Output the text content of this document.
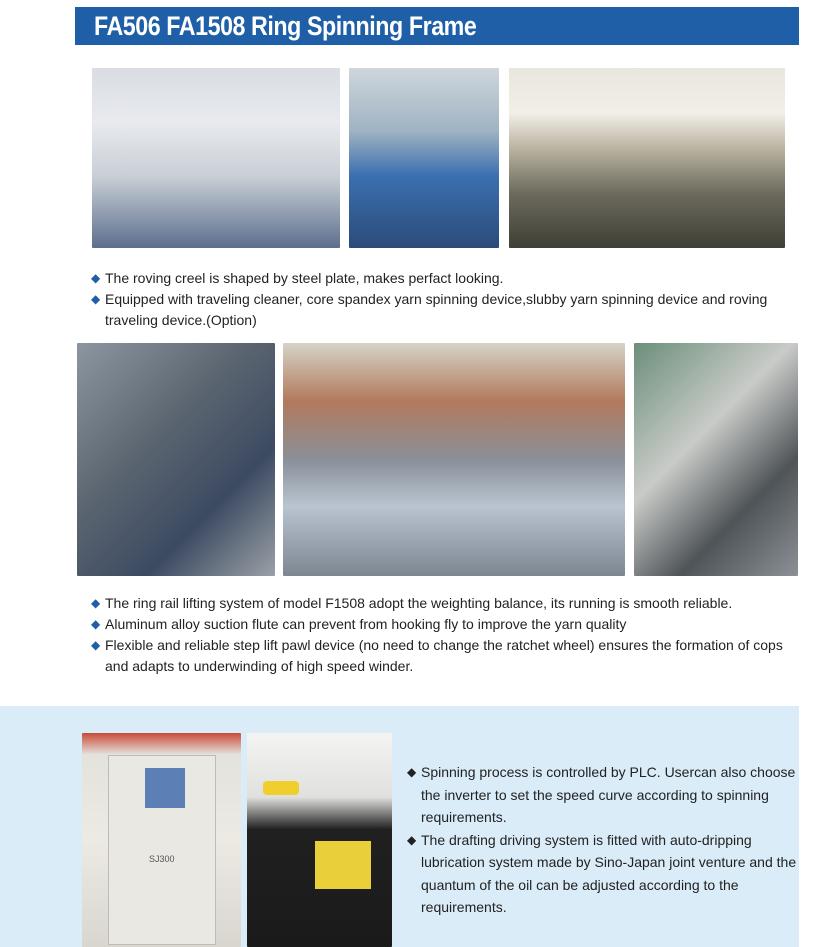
FA506 FA1508 Ring Spinning Frame
◆ The roving creel is shaped by steel plate, makes perfact looking.
◆ Equipped with traveling cleaner, core spandex yarn spinning device,slubby yarn spinning device and roving traveling device.(Option)
◆ The ring rail lifting system of model F1508 adopt the weighting balance, its running is smooth reliable.
◆ Aluminum alloy suction flute can prevent from hooking fly to improve the yarn quality
◆ Flexible and reliable step lift pawl device (no need to change the ratchet wheel) ensures the formation of cops and adapts to underwinding of high speed winder.
SJ300
◆ Spinning process is controlled by PLC. Usercan also choose the inverter to set the speed curve according to spinning requirements.
◆ The drafting driving system is fitted with auto-dripping lubrication system made by Sino-Japan joint venture and the quantum of the oil can be adjusted according to the requirements.
